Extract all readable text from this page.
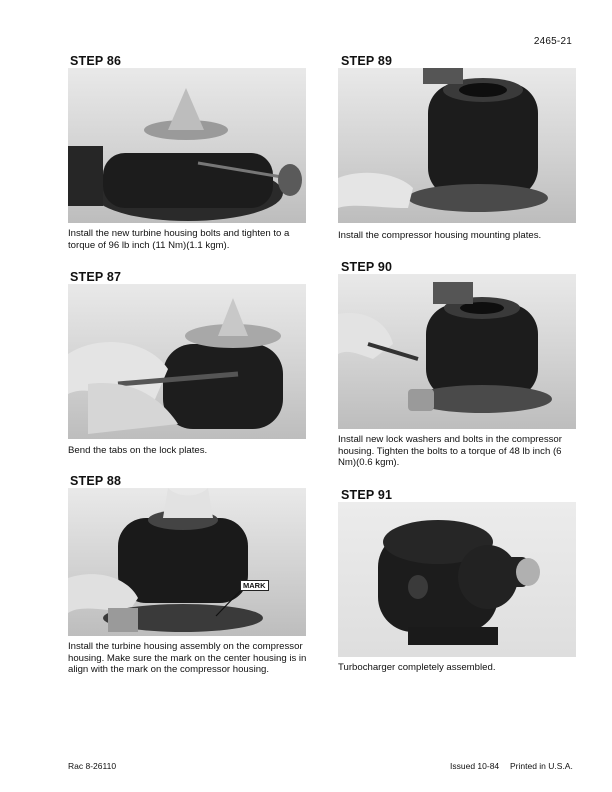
2465-21
STEP 86
Install the new turbine housing bolts and tighten to a torque of 96 lb inch (11 Nm)(1.1 kgm).
STEP 87
Bend the tabs on the lock plates.
STEP 88
MARK
Install the turbine housing assembly on the compressor housing. Make sure the mark on the center housing is in align with the mark on the compressor housing.
STEP 89
Install the compressor housing mounting plates.
STEP 90
Install new lock washers and bolts in the compressor housing. Tighten the bolts to a torque of 48 lb inch (6 Nm)(0.6 kgm).
STEP 91
Turbocharger completely assembled.
Rac 8-26110	Issued 10-84 Printed in U.S.A.
